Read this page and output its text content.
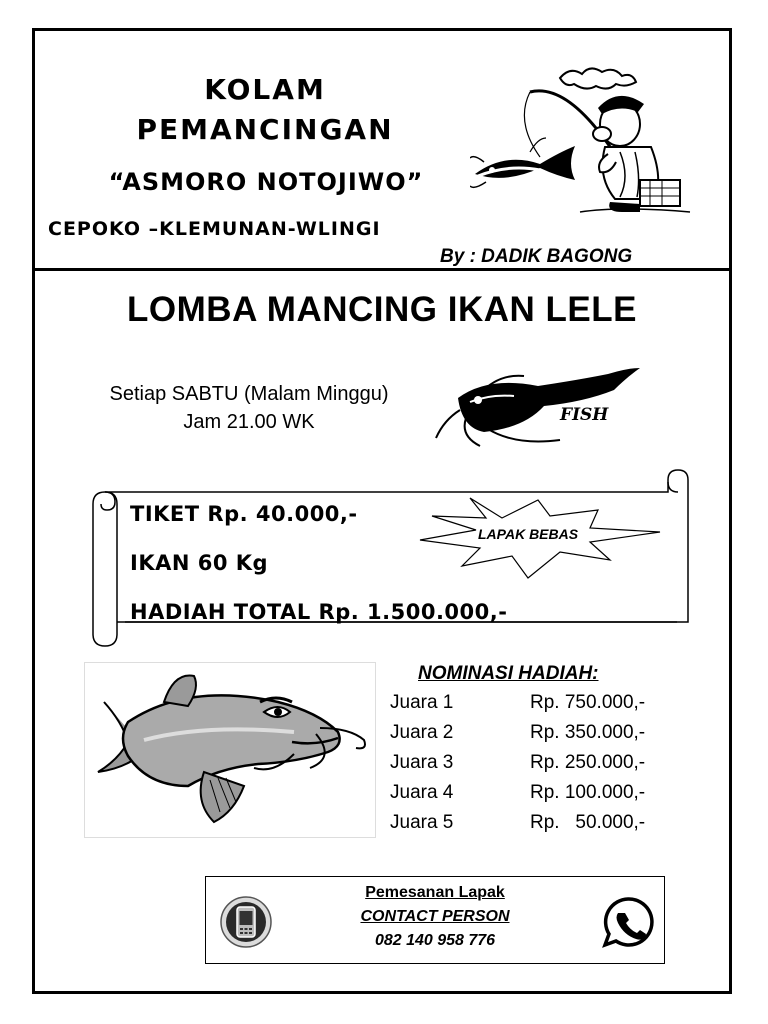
KOLAM
PEMANCINGAN
“ASMORO NOTOJIWO”
CEPOKO –KLEMUNAN-WLINGI
By : DADIK BAGONG
LOMBA MANCING IKAN LELE
Setiap SABTU (Malam Minggu)
Jam 21.00 WK	FISH
TIKET Rp. 40.000,-
IKAN 60 Kg
HADIAH TOTAL Rp. 1.500.000,-
LAPAK BEBAS
NOMINASI HADIAH:
Juara 1	Rp. 750.000,-
Juara 2	Rp. 350.000,-
Juara 3	Rp. 250.000,-
Juara 4	Rp. 100.000,-
Juara 5	Rp.   50.000,-
Pemesanan Lapak
CONTACT PERSON
082 140 958 776
